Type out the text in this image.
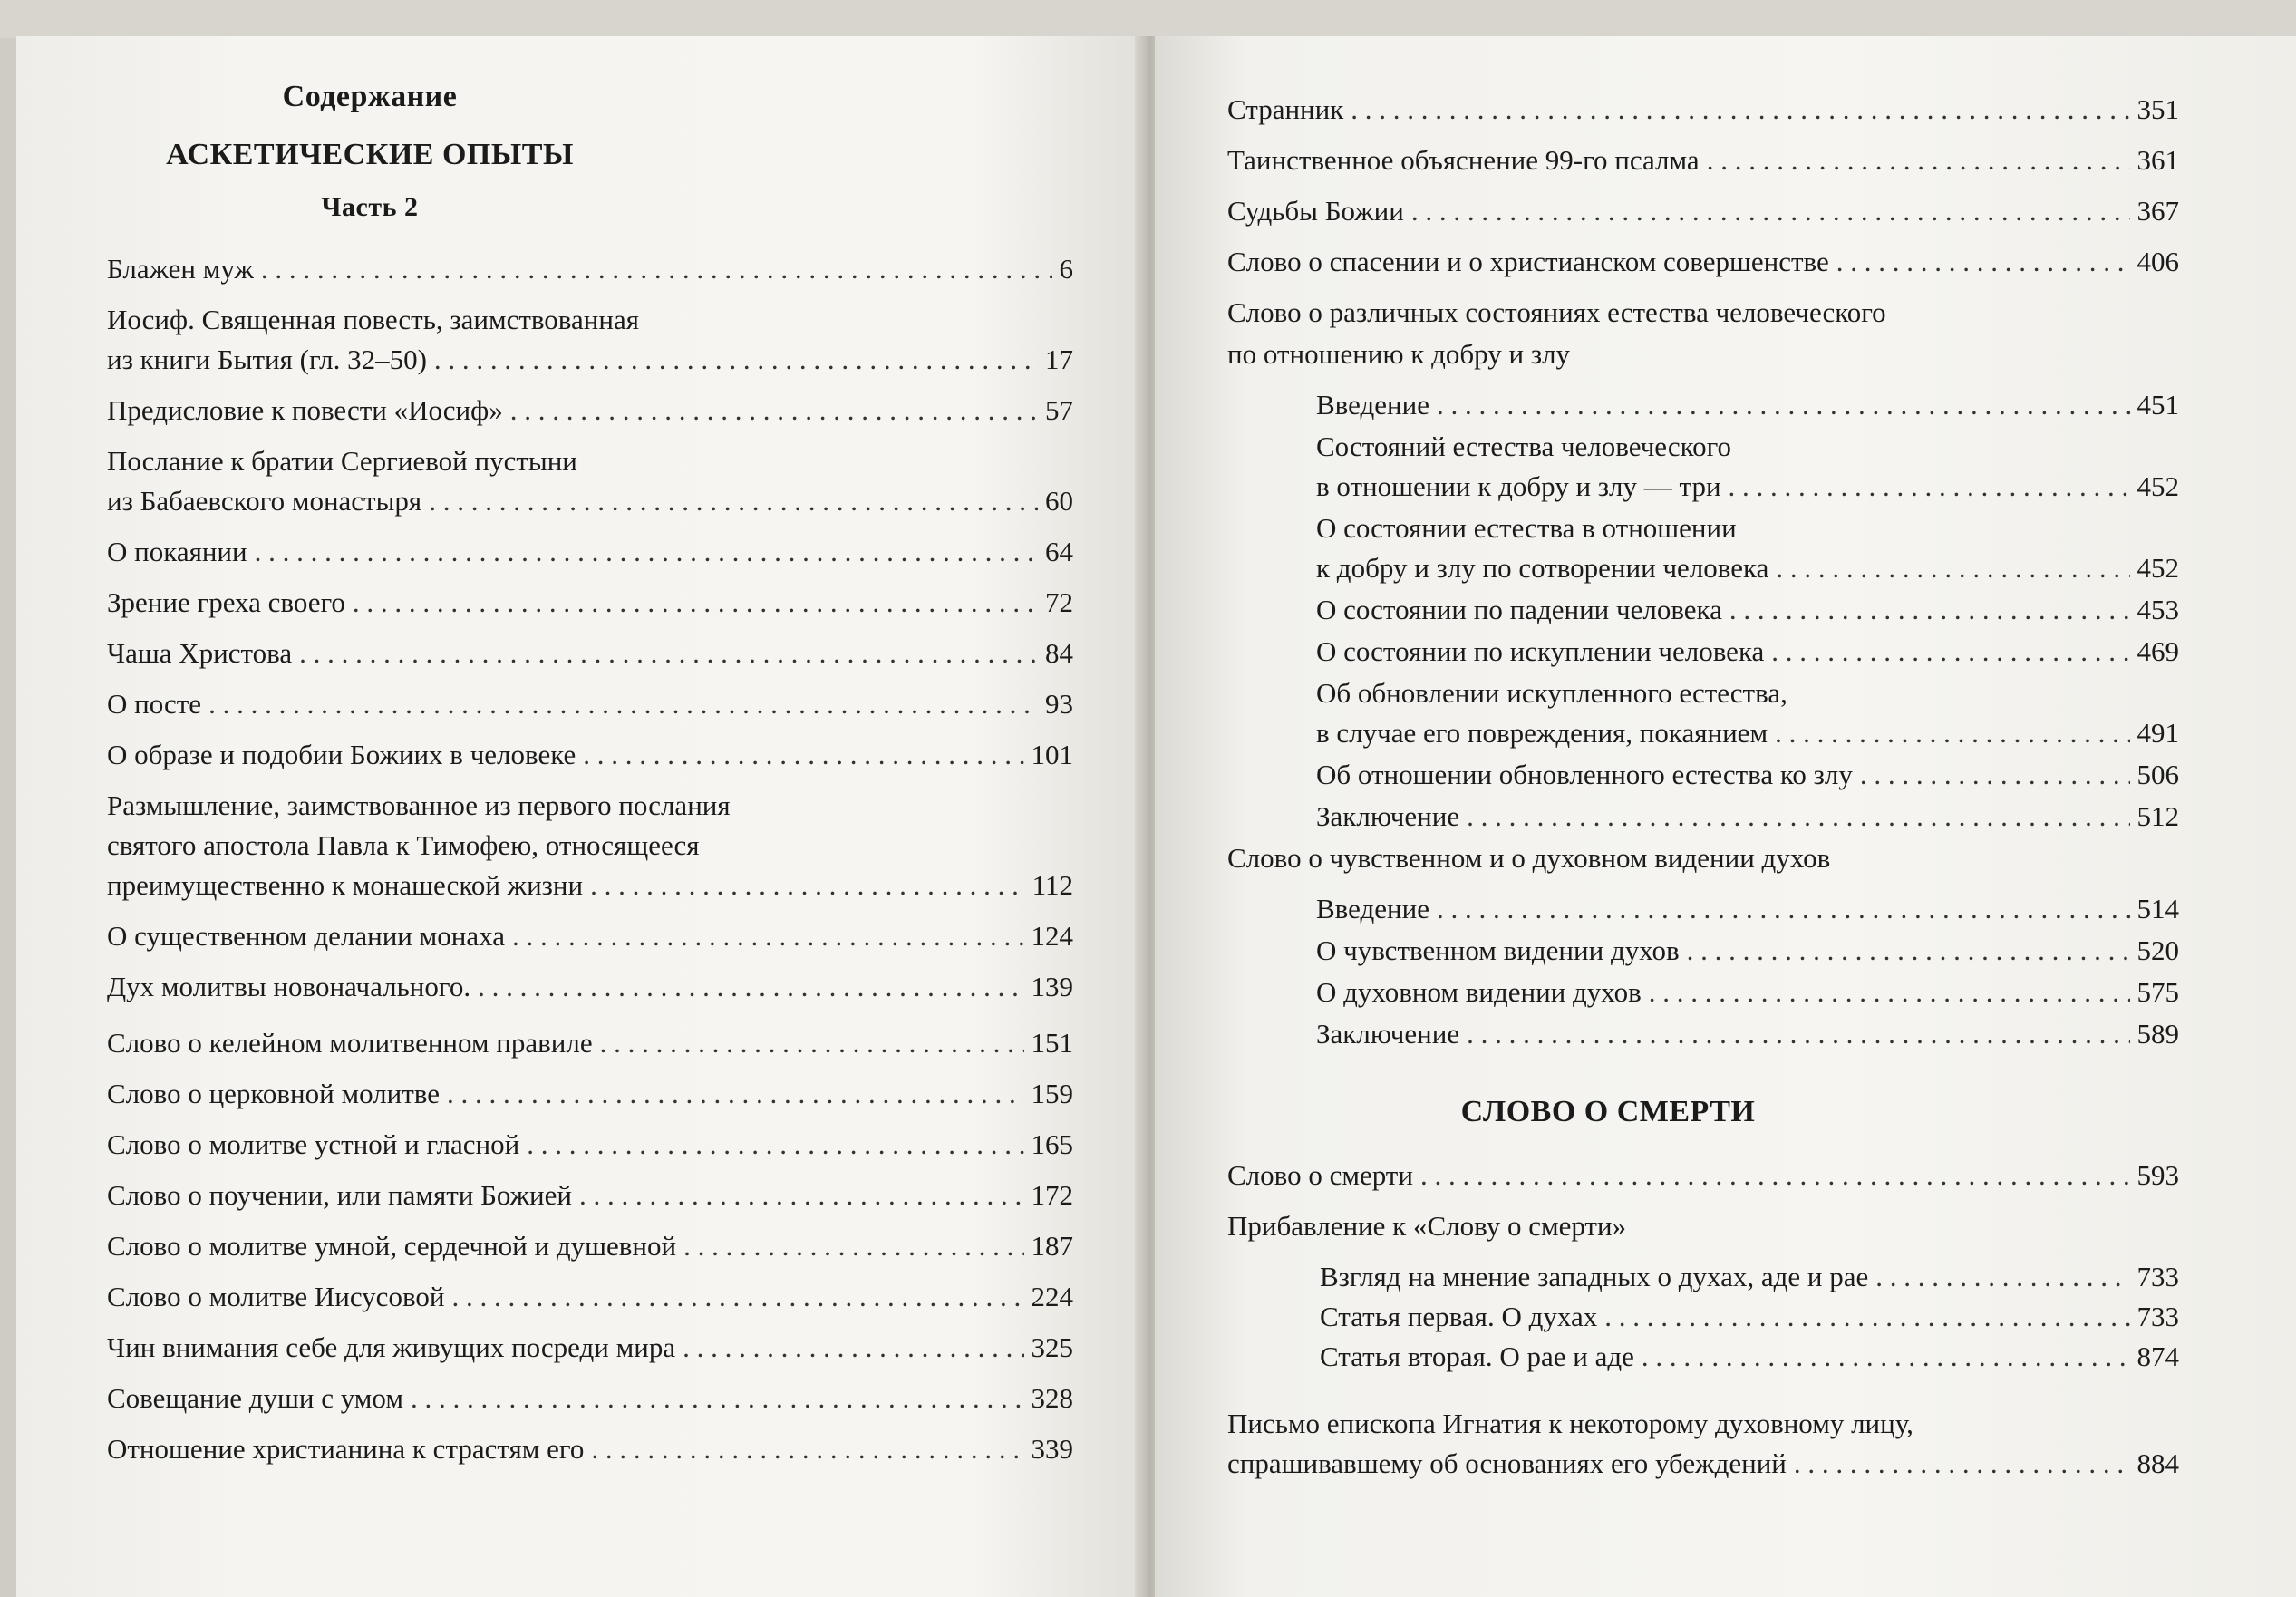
Содержание
АСКЕТИЧЕСКИЕ ОПЫТЫ
Часть 2
Блажен муж . . .	6
Иосиф. Священная повесть, заимствованная
из книги Бытия (гл. 32–50) . . .	17
Предисловие к повести «Иосиф» . . .	57
Послание к братии Сергиевой пустыни
из Бабаевского монастыря . . .	60
О покаянии . . .	64
Зрение греха своего . . .	72
Чаша Христова . . .	84
О посте . . .	93
О образе и подобии Божиих в человеке . . .	101
Размышление, заимствованное из первого послания
святого апостола Павла к Тимофею, относящееся
преимущественно к монашеской жизни . . .	112
О существенном делании монаха . . .	124
Дух молитвы новоначального. . . .	139
Слово о келейном молитвенном правиле . . .	151
Слово о церковной молитве . . .	159
Слово о молитве устной и гласной . . .	165
Слово о поучении, или памяти Божией . . .	172
Слово о молитве умной, сердечной и душевной . . .	187
Слово о молитве Иисусовой . . .	224
Чин внимания себе для живущих посреди мира . . .	325
Совещание души с умом . . .	328
Отношение христианина к страстям его . . .	339
СЛОВО О СМЕРТИ
Странник . . .	351
Таинственное объяснение 99-го псалма . . .	361
Судьбы Божии . . .	367
Слово о спасении и о христианском совершенстве . . .	406
Слово о различных состояниях естества человеческого
по отношению к добру и злу
Введение . . .	451
Состояний естества человеческого
в отношении к добру и злу — три . . .	452
О состоянии естества в отношении
к добру и злу по сотворении человека . . .	452
О состоянии по падении человека . . .	453
О состоянии по искуплении человека . . .	469
Об обновлении искупленного естества,
в случае его повреждения, покаянием . . .	491
Об отношении обновленного естества ко злу . . .	506
Заключение . . .	512
Слово о чувственном и о духовном видении духов
Введение . . .	514
О чувственном видении духов . . .	520
О духовном видении духов . . .	575
Заключение . . .	589
Слово о смерти . . .	593
Прибавление к «Слову о смерти»
Взгляд на мнение западных о духах, аде и рае . . .	733
Статья первая. О духах . . .	733
Статья вторая. О рае и аде . . .	874
Письмо епископа Игнатия к некоторому духовному лицу,
спрашивавшему об основаниях его убеждений . . .	884
